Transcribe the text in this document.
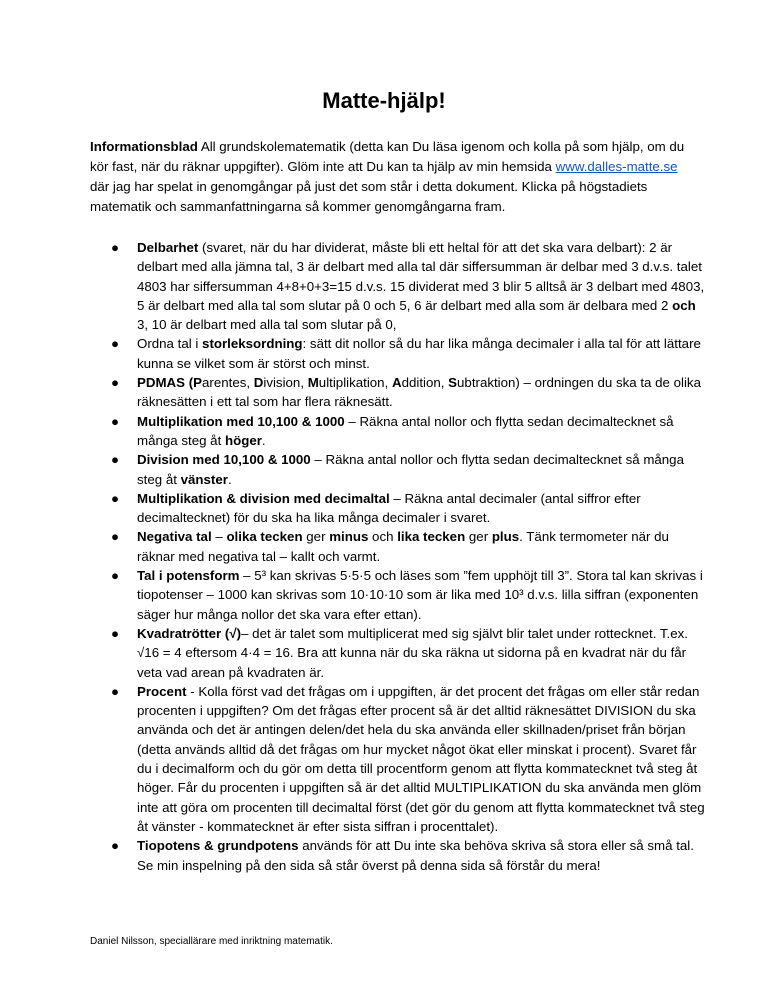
Matte-hjälp!
Informationsblad All grundskolematematik (detta kan Du läsa igenom och kolla på som hjälp, om du kör fast, när du räknar uppgifter). Glöm inte att Du kan ta hjälp av min hemsida www.dalles-matte.se där jag har spelat in genomgångar på just det som står i detta dokument. Klicka på högstadiets matematik och sammanfattningarna så kommer genomgångarna fram.
● Delbarhet (svaret, när du har dividerat, måste bli ett heltal för att det ska vara delbart): 2 är delbart med alla jämna tal, 3 är delbart med alla tal där siffersumman är delbar med 3 d.v.s. talet 4803 har siffersumman 4+8+0+3=15 d.v.s. 15 dividerat med 3 blir 5 alltså är 3 delbart med 4803, 5 är delbart med alla tal som slutar på 0 och 5, 6 är delbart med alla som är delbara med 2 och 3, 10 är delbart med alla tal som slutar på 0,
● Ordna tal i storleksordning: sätt dit nollor så du har lika många decimaler i alla tal för att lättare kunna se vilket som är störst och minst.
● PDMAS (Parentes, Division, Multiplikation, Addition, Subtraktion) – ordningen du ska ta de olika räknesätten i ett tal som har flera räknesätt.
● Multiplikation med 10,100 & 1000 – Räkna antal nollor och flytta sedan decimaltecknet så många steg åt höger.
● Division med 10,100 & 1000 – Räkna antal nollor och flytta sedan decimaltecknet så många steg åt vänster.
● Multiplikation & division med decimaltal – Räkna antal decimaler (antal siffror efter decimaltecknet) för du ska ha lika många decimaler i svaret.
● Negativa tal – olika tecken ger minus och lika tecken ger plus. Tänk termometer när du räknar med negativa tal – kallt och varmt.
● Tal i potensform – 5³ kan skrivas 5·5·5 och läses som ”fem upphöjt till 3”. Stora tal kan skrivas i tiopotenser – 1000 kan skrivas som 10·10·10 som är lika med 10³ d.v.s. lilla siffran (exponenten säger hur många nollor det ska vara efter ettan).
● Kvadratrötter (√)– det är talet som multiplicerat med sig självt blir talet under rottecknet. T.ex. √16 = 4 eftersom 4·4 = 16. Bra att kunna när du ska räkna ut sidorna på en kvadrat när du får veta vad arean på kvadraten är.
● Procent - Kolla först vad det frågas om i uppgiften, är det procent det frågas om eller står redan procenten i uppgiften? Om det frågas efter procent så är det alltid räknesättet DIVISION du ska använda och det är antingen delen/det hela du ska använda eller skillnaden/priset från början (detta används alltid då det frågas om hur mycket något ökat eller minskat i procent). Svaret får du i decimalform och du gör om detta till procentform genom att flytta kommatecknet två steg åt höger. Får du procenten i uppgiften så är det alltid MULTIPLIKATION du ska använda men glöm inte att göra om procenten till decimaltal först (det gör du genom att flytta kommatecknet två steg åt vänster - kommatecknet är efter sista siffran i procenttalet).
● Tiopotens & grundpotens används för att Du inte ska behöva skriva så stora eller så små tal. Se min inspelning på den sida så står överst på denna sida så förstår du mera!
Daniel Nilsson, speciallärare med inriktning matematik.
